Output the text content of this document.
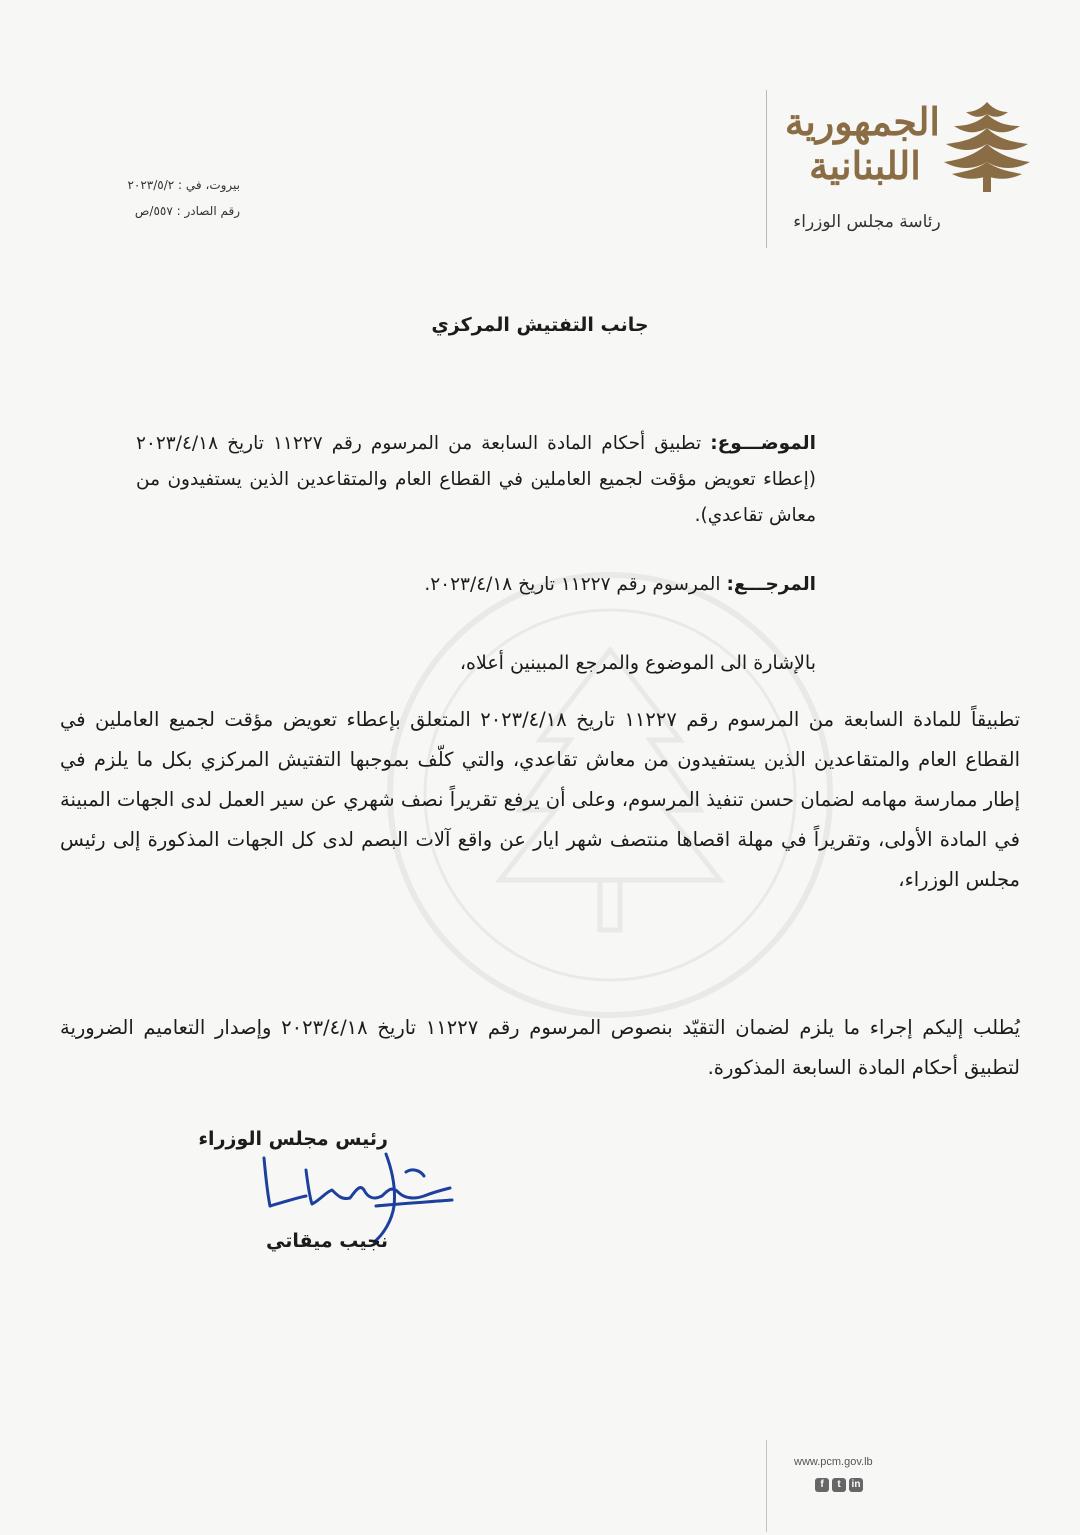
الجمهورية
اللبنانية
رئاسة مجلس الوزراء
بيروت، في : ٢٠٢٣/٥/٢
رقم الصادر : ٥٥٧/ص
جانب التفتيش المركزي
الموضـــوع: تطبيق أحكام المادة السابعة من المرسوم رقم ١١٢٢٧ تاريخ ٢٠٢٣/٤/١٨ (إعطاء تعويض مؤقت لجميع العاملين في القطاع العام والمتقاعدين الذين يستفيدون من معاش تقاعدي).
المرجـــع: المرسوم رقم ١١٢٢٧ تاريخ ٢٠٢٣/٤/١٨.
بالإشارة الى الموضوع والمرجع المبينين أعلاه،
تطبيقاً للمادة السابعة من المرسوم رقم ١١٢٢٧ تاريخ ٢٠٢٣/٤/١٨ المتعلق بإعطاء تعويض مؤقت لجميع العاملين في القطاع العام والمتقاعدين الذين يستفيدون من معاش تقاعدي، والتي كلّف بموجبها التفتيش المركزي بكل ما يلزم في إطار ممارسة مهامه لضمان حسن تنفيذ المرسوم، وعلى أن يرفع تقريراً نصف شهري عن سير العمل لدى الجهات المبينة في المادة الأولى، وتقريراً في مهلة اقصاها منتصف شهر ايار عن واقع آلات البصم لدى كل الجهات المذكورة إلى رئيس مجلس الوزراء،
يُطلب إليكم إجراء ما يلزم لضمان التقيّد بنصوص المرسوم رقم ١١٢٢٧ تاريخ ٢٠٢٣/٤/١٨ وإصدار التعاميم الضرورية لتطبيق أحكام المادة السابعة المذكورة.
رئيس مجلس الوزراء
نجيب ميقاتي
www.pcm.gov.lb
f	t	in
